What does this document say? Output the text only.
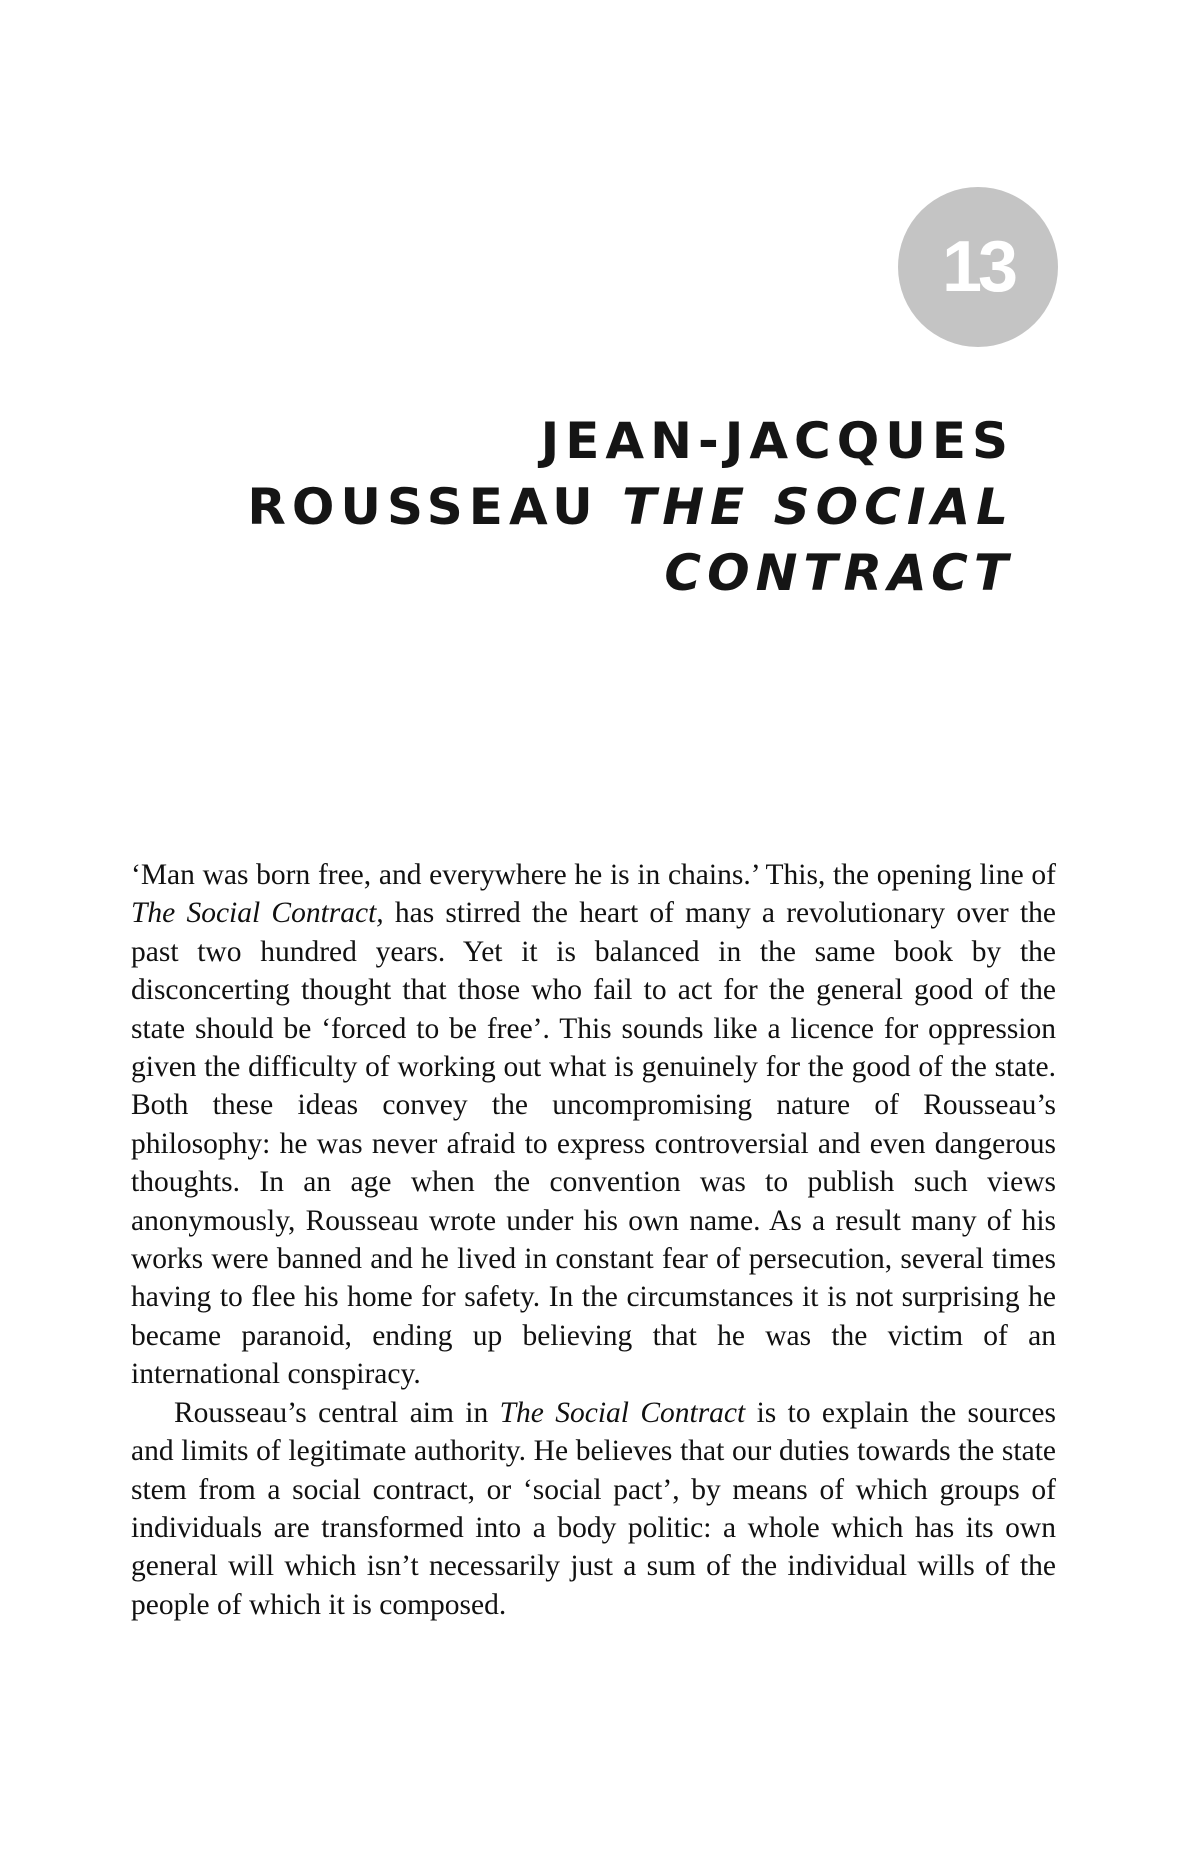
13
JEAN-JACQUES
ROUSSEAU THE SOCIAL
CONTRACT

‘Man was born free, and everywhere he is in chains.’ This, the opening line of The Social Contract, has stirred the heart of many a revolutionary over the past two hundred years. Yet it is balanced in the same book by the disconcerting thought that those who fail to act for the general good of the state should be ‘forced to be free’. This sounds like a licence for oppression given the difficulty of working out what is genuinely for the good of the state. Both these ideas convey the uncompromising nature of Rousseau’s philosophy: he was never afraid to express controversial and even dangerous thoughts. In an age when the convention was to publish such views anonymously, Rousseau wrote under his own name. As a result many of his works were banned and he lived in constant fear of persecution, several times having to flee his home for safety. In the circumstances it is not surprising he became paranoid, ending up believing that he was the victim of an international conspiracy.

Rousseau’s central aim in The Social Contract is to explain the sources and limits of legitimate authority. He believes that our duties towards the state stem from a social contract, or ‘social pact’, by means of which groups of individuals are transformed into a body politic: a whole which has its own general will which isn’t necessarily just a sum of the individual wills of the people of which it is composed.
